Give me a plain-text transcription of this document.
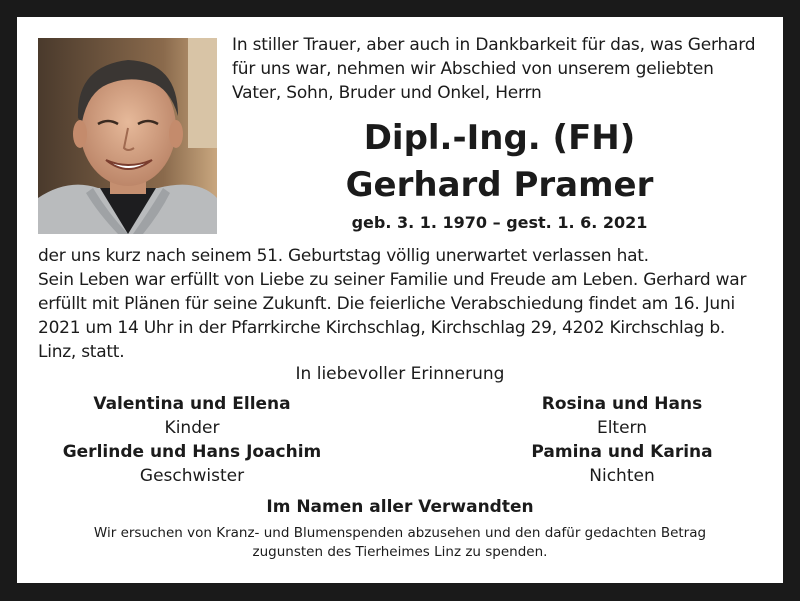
In stiller Trauer, aber auch in Dankbarkeit für das, was Gerhard
für uns war, nehmen wir Abschied von unserem geliebten
Vater, Sohn, Bruder und Onkel, Herrn
Dipl.-Ing. (FH)
Gerhard Pramer
geb. 3. 1. 1970 – gest. 1. 6. 2021
der uns kurz nach seinem 51. Geburtstag völlig unerwartet verlassen hat.
Sein Leben war erfüllt von Liebe zu seiner Familie und Freude am Leben. Gerhard war
erfüllt mit Plänen für seine Zukunft. Die feierliche Verabschiedung findet am 16. Juni
2021 um 14 Uhr in der Pfarrkirche Kirchschlag, Kirchschlag 29, 4202 Kirchschlag b.
Linz, statt.
In liebevoller Erinnerung
Valentina und Ellena
Kinder
Gerlinde und Hans Joachim
Geschwister
Rosina und Hans
Eltern
Pamina und Karina
Nichten
Im Namen aller Verwandten
Wir ersuchen von Kranz- und Blumenspenden abzusehen und den dafür gedachten Betrag
zugunsten des Tierheimes Linz zu spenden.
